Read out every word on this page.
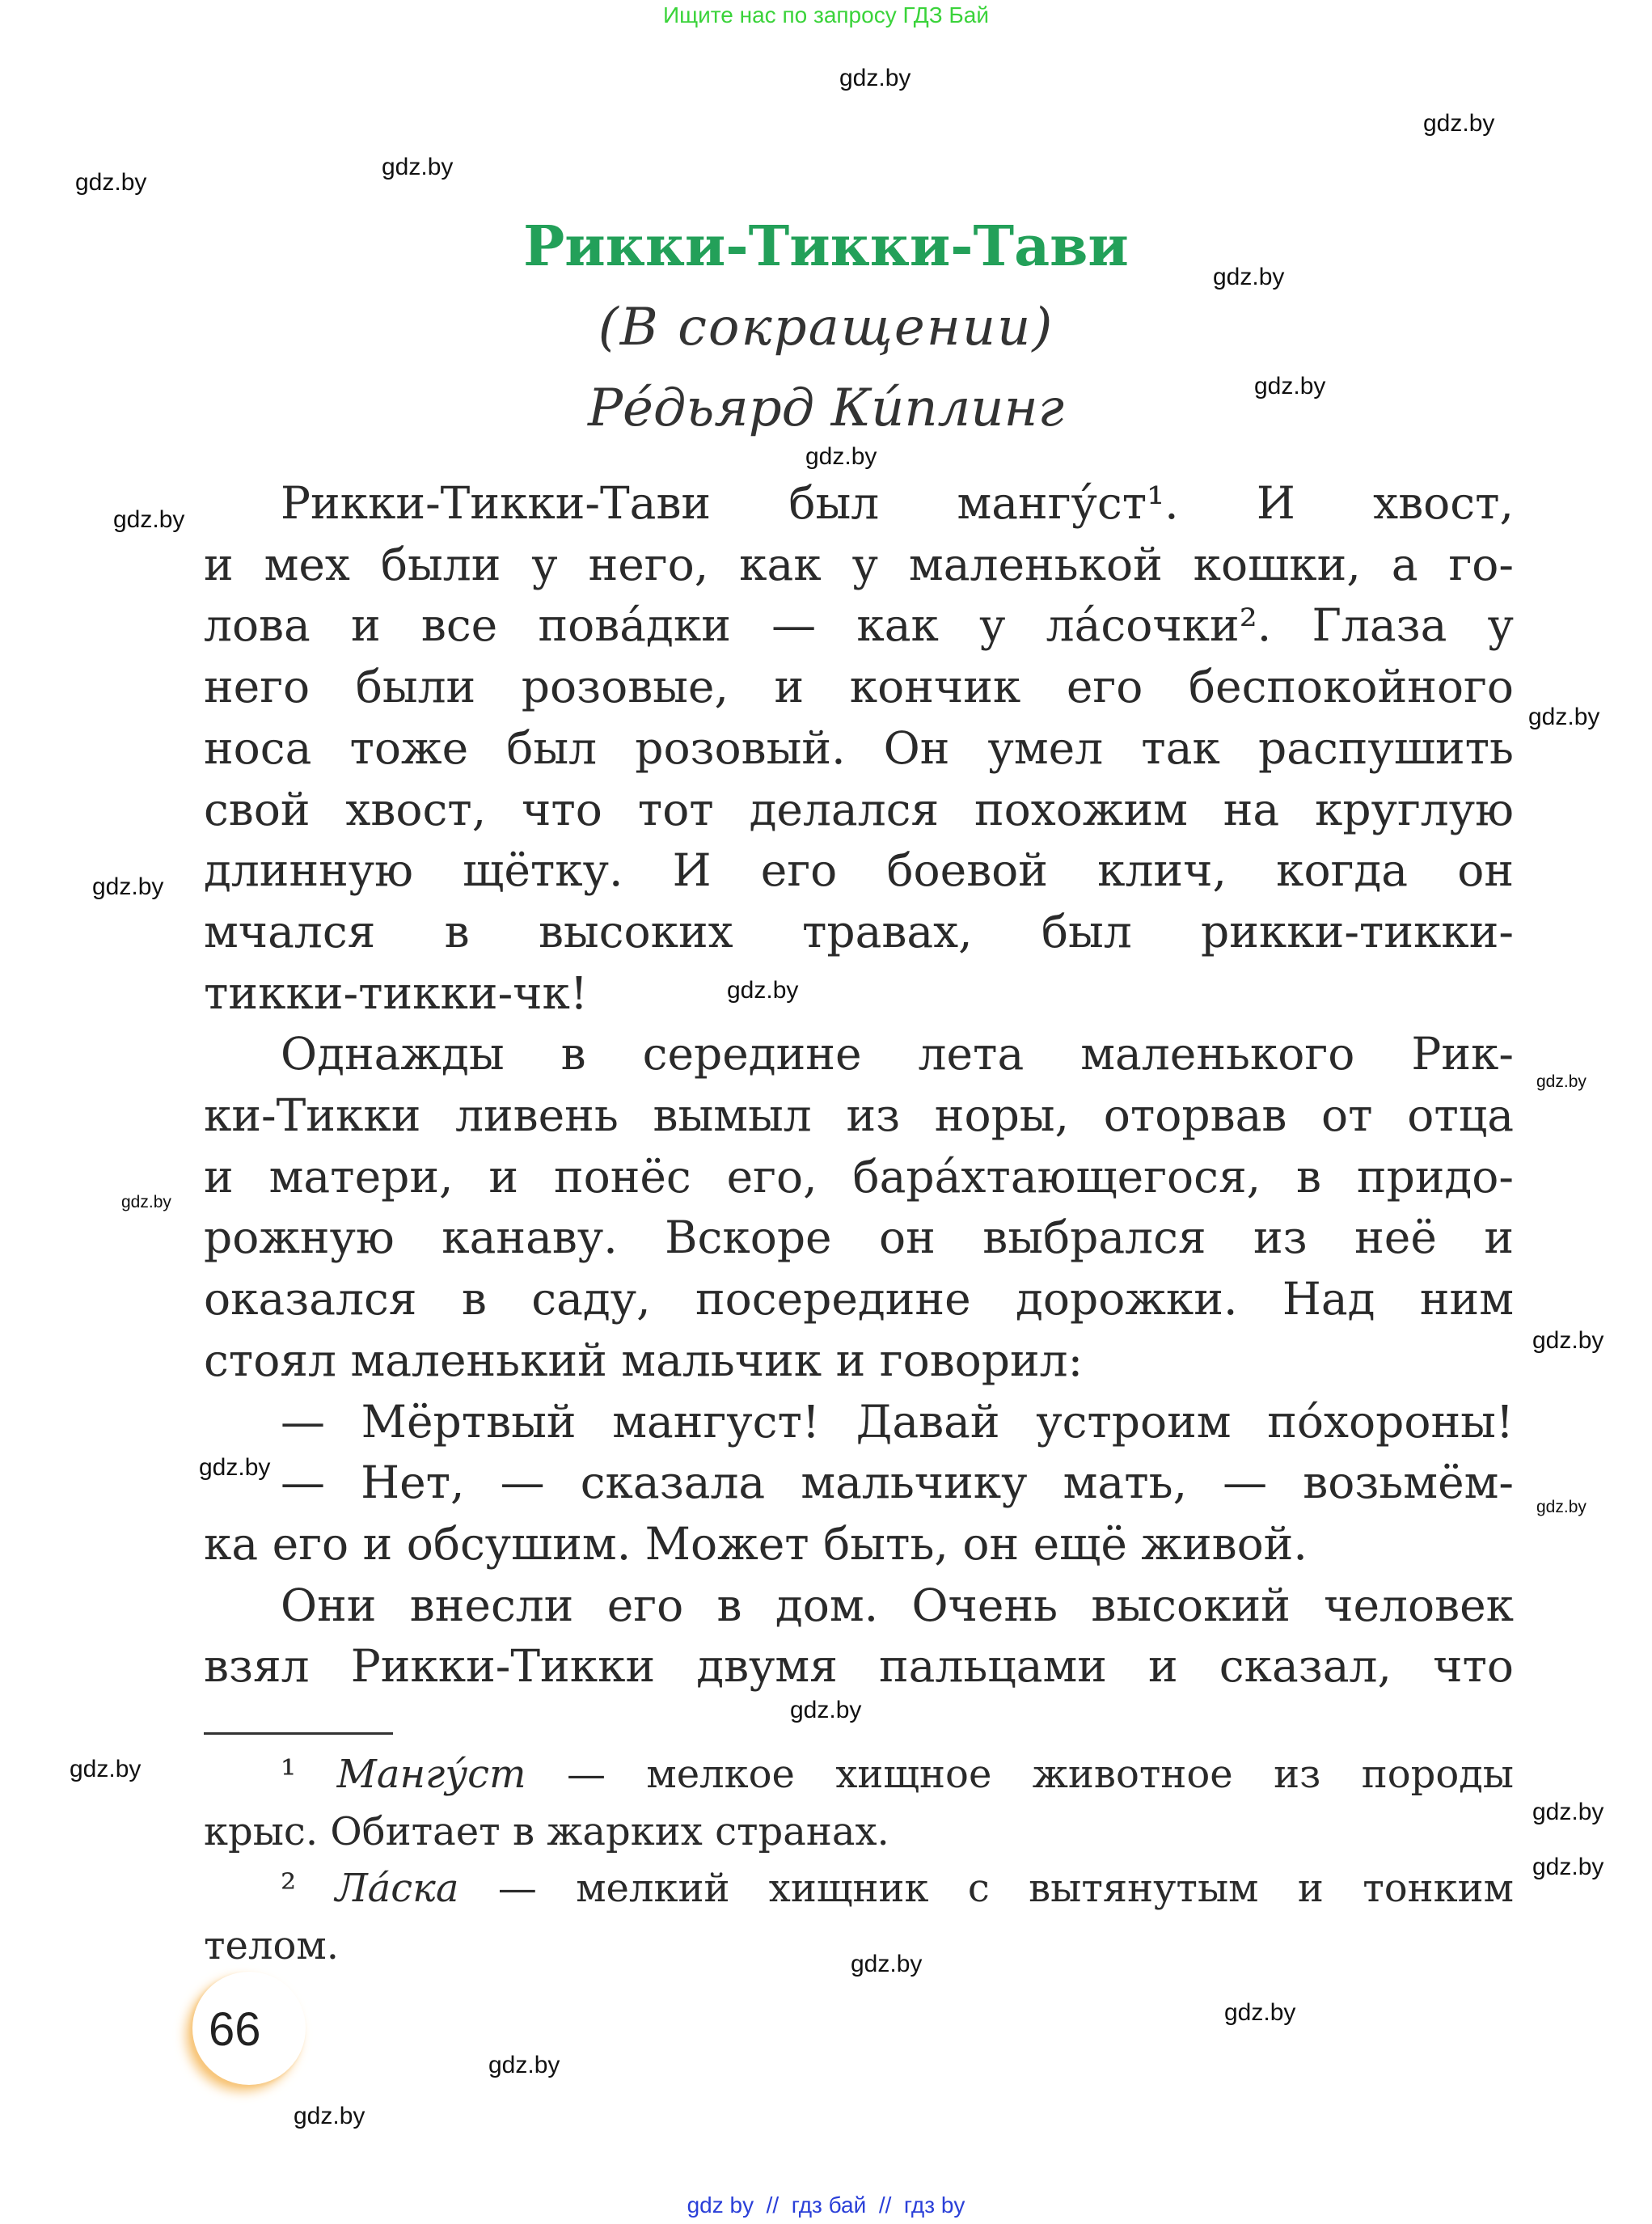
Ищите нас по запросу ГДЗ Бай
Рикки-Тикки-Тави
(В сокращении)
Ре́дьярд Ки́плинг
Рикки-Тикки-Тави был мангу́ст¹. И хвост,
и мех были у него, как у маленькой кошки, а го-
лова и все пова́дки — как у ла́сочки². Глаза у
него были розовые, и кончик его беспокойного
носа тоже был розовый. Он умел так распушить
свой хвост, что тот делался похожим на круглую
длинную щётку. И его боевой клич, когда он
мчался в высоких травах, был рикки-тикки-
тикки-тикки-чк!
Однажды в середине лета маленького Рик-
ки-Тикки ливень вымыл из норы, оторвав от отца
и матери, и понёс его, бара́хтающегося, в придо-
рожную канаву. Вскоре он выбрался из неё и
оказался в саду, посередине дорожки. Над ним
стоял маленький мальчик и говорил:
— Мёртвый мангуст! Давай устроим по́хороны!
— Нет, — сказала мальчику мать, — возьмём-
ка его и обсушим. Может быть, он ещё живой.
Они внесли его в дом. Очень высокий человек
взял Рикки-Тикки двумя пальцами и сказал, что
¹ Мангу́ст — мелкое хищное животное из породы
крыс. Обитает в жарких странах.
² Ла́ска — мелкий хищник с вытянутым и тонким
телом.
66
gdz.by
gdz.by
gdz.by
gdz.by
gdz.by
gdz.by
gdz.by
gdz.by
gdz.by
gdz.by
gdz.by
gdz.by
gdz.by
gdz.by
gdz.by
gdz.by
gdz.by
gdz.by
gdz.by
gdz.by
gdz.by
gdz.by
gdz.by
gdz.by
gdz by  //  гдз бай  //  гдз by
